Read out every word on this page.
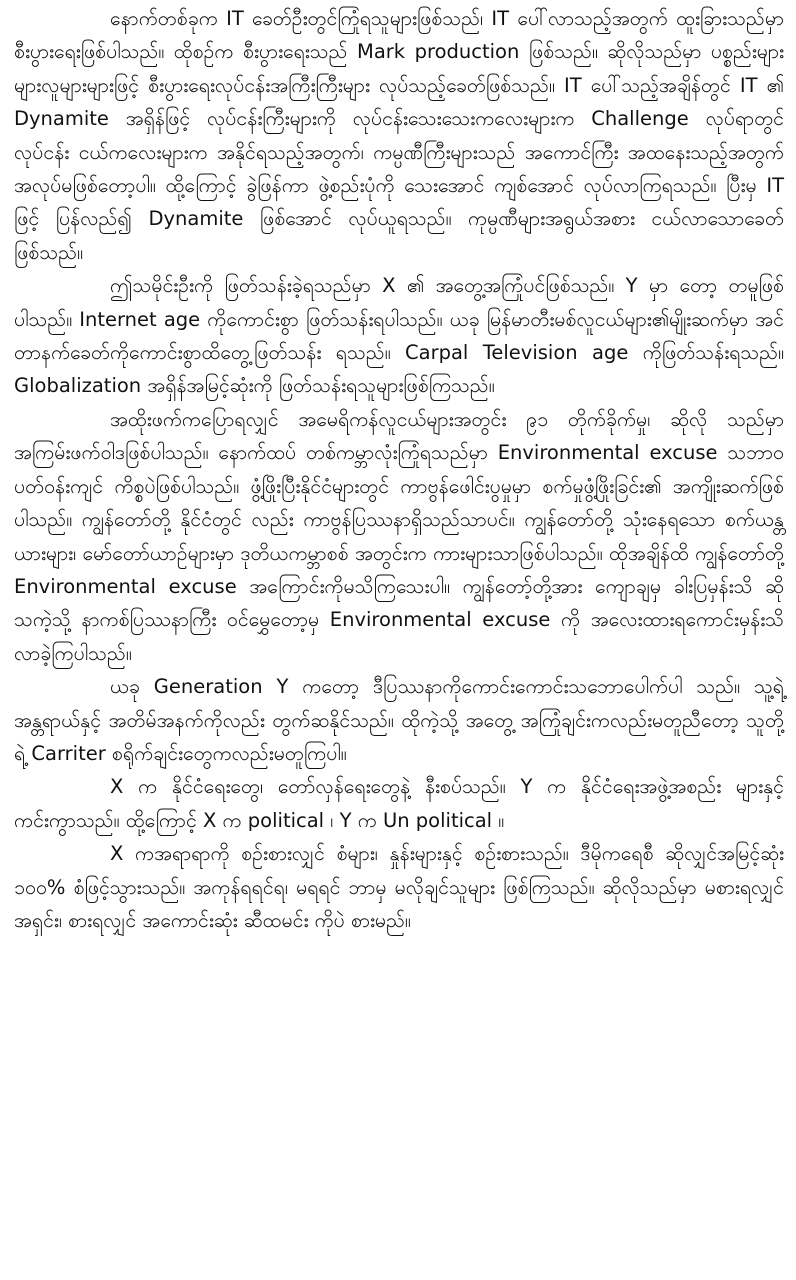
နောက်တစ်ခုက IT ခေတ်ဦးတွင်ကြုံရသူများဖြစ်သည်၊ IT ပေါ်လာသည့်အတွက် ထူးခြားသည်မှာ စီးပွားရေးဖြစ်ပါသည်။ ထိုစဉ်က စီးပွားရေးသည် Mark production ဖြစ်သည်။ ဆိုလိုသည်မှာ ပစ္စည်းများများလူများများဖြင့် စီးပွားရေးလုပ်ငန်းအကြီးကြီးများ လုပ်သည့်ခေတ်ဖြစ်သည်။ IT ပေါ်သည့်အချိန်တွင် IT ၏ Dynamite အရှိန်ဖြင့် လုပ်ငန်းကြီးများကို လုပ်ငန်းသေးသေးကလေးများက Challenge လုပ်ရာတွင် လုပ်ငန်း ငယ်ကလေးများက အနိုင်ရသည့်အတွက်၊ ကမ္ပဏီကြီးများသည် အကောင်ကြီး အထနေးသည့်အတွက် အလုပ်မဖြစ်တော့ပါ။ ထို့ကြောင့် ခွဲဖြန်ကာ ဖွဲ့စည်းပုံကို သေးအောင် ကျစ်အောင် လုပ်လာကြရသည်။ ပြီးမှ IT ဖြင့် ပြန်လည်၍ Dynamite ဖြစ်အောင် လုပ်ယူရသည်။ ကုမ္ပဏီများအရွယ်အစား ငယ်လာသောခေတ်ဖြစ်သည်။

ဤသမိုင်းဦးကို ဖြတ်သန်းခဲ့ရသည်မှာ X ၏ အတွေ့အကြုံပင်ဖြစ်သည်။ Y မှာ တော့ တမူဖြစ်ပါသည်။ Internet age ကိုကောင်းစွာ ဖြတ်သန်းရပါသည်။ ယခု မြန်မာတီးမစ်လူငယ်များ၏မျိုးဆက်မှာ အင်တာနက်ခေတ်ကိုကောင်းစွာထိတွေ့ဖြတ်သန်း ရသည်။ Carpal Television age ကိုဖြတ်သန်းရသည်။ Globalization အရှိန်အမြင့်ဆုံးကို ဖြတ်သန်းရသူများဖြစ်ကြသည်။

အထိုးဖက်ကပြောရလျှင် အမေရိကန်လူငယ်များအတွင်း ၉၁ တိုက်ခိုက်မှု၊ ဆိုလို သည်မှာ အကြမ်းဖက်ဝါဒဖြစ်ပါသည်။ နောက်ထပ် တစ်ကမ္ဘာလုံးကြုံရသည်မှာ Environmental excuse သဘာဝပတ်ဝန်းကျင် ကိစ္စပဲဖြစ်ပါသည်။ ဖွံ့ဖြိုးပြီးနိုင်ငံများတွင် ကာဗွန်ဖေါင်းပွမှုမှာ စက်မှုဖွံ့ဖြိုးခြင်း၏ အကျိုးဆက်ဖြစ်ပါသည်။ ကျွန်တော်တို့ နိုင်ငံတွင် လည်း ကာဗွန်ပြဿနာရှိသည်သာပင်။ ကျွန်တော်တို့ သုံးနေရသော စက်ယန္တယားများ၊ မော်တော်ယာဉ်များမှာ ဒုတိယကမ္ဘာစစ် အတွင်းက ကားများသာဖြစ်ပါသည်။ ထိုအချိန်ထိ ကျွန်တော်တို့ Environmental excuse အကြောင်းကိုမသိကြသေးပါ။ ကျွန်တော့်တို့အား ကျောချမှ ခါးပြမှန်းသိ ဆိုသကဲ့သို့ နာကစ်ပြဿနာကြီး ဝင်မွှေတော့မှ Environmental excuse ကို အလေးထားရကောင်းမှန်းသိ လာခဲ့ကြပါသည်။

ယခု Generation Y ကတော့ ဒီပြဿနာကိုကောင်းကောင်းသဘောပေါက်ပါ သည်။ သူ့ရဲ့ အန္တရာယ်နှင့် အတိမ်အနက်ကိုလည်း တွက်ဆနိုင်သည်။ ထိုကဲ့သို့ အတွေ့ အကြုံချင်းကလည်းမတူညီတော့ သူတို့ရဲ့ Carriter စရိုက်ချင်းတွေကလည်းမတူကြပါ။

X က နိုင်ငံရေးတွေ၊ တော်လှန်ရေးတွေနဲ့ နီးစပ်သည်။ Y က နိုင်ငံရေးအဖွဲ့အစည်း များနှင့် ကင်းကွာသည်။ ထို့ကြောင့် X က political ၊ Y က Un political ။

X ကအရာရာကို စဉ်းစားလျှင် စံများ၊ နှုန်းများနှင့် စဉ်းစားသည်။ ဒီမိုကရေစီ ဆိုလျှင်အမြင့်ဆုံး ၁၀၀% စံဖြင့်သွားသည်။ အကုန်ရရင်ရ၊ မရရင် ဘာမှ မလိုချင်သူများ ဖြစ်ကြသည်။ ဆိုလိုသည်မှာ မစားရလျှင်အရှင်း၊ စားရလျှင် အကောင်းဆုံး ဆီထမင်း ကိုပဲ စားမည်။
